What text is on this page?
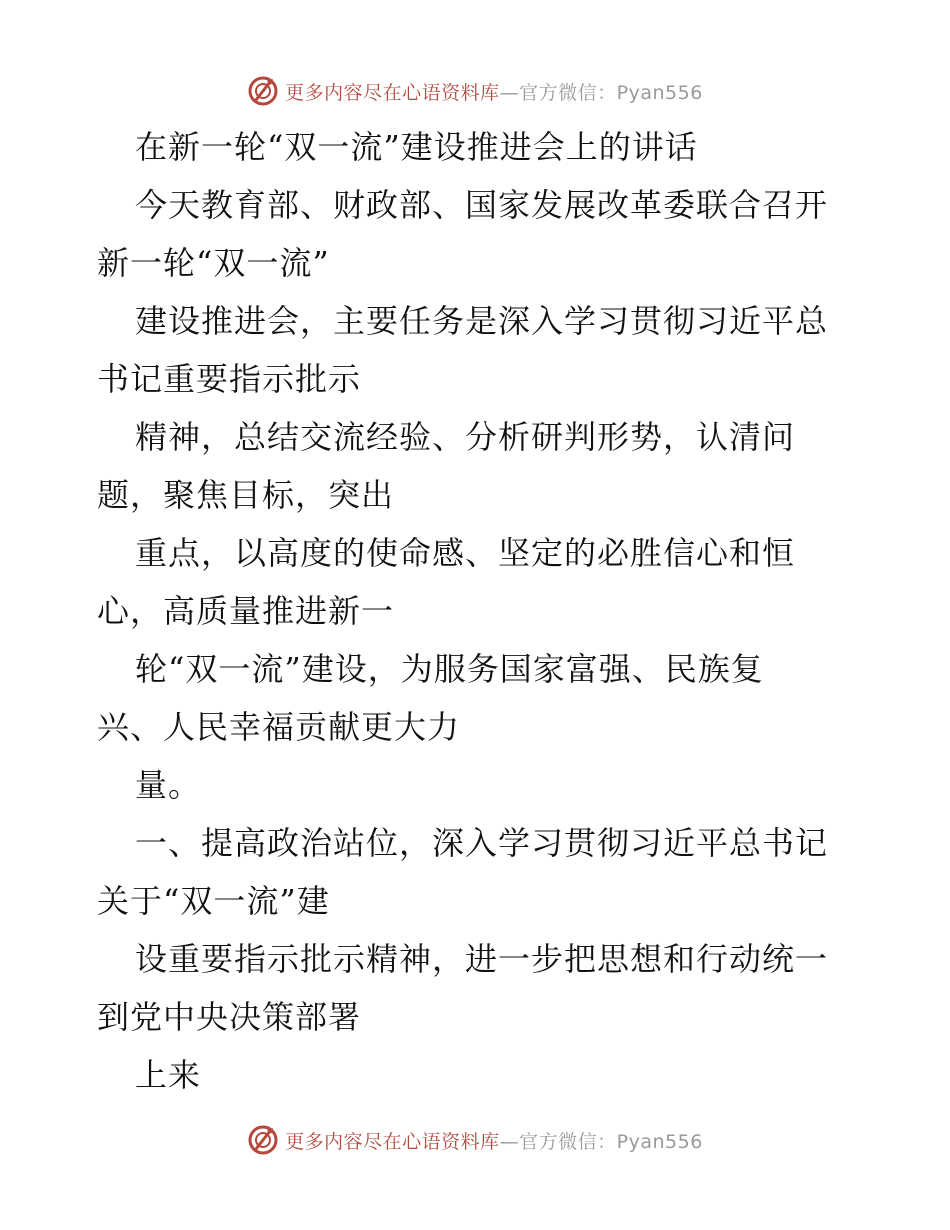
更多内容尽在心语资料库—官方微信：Pyan556
在新一轮“双一流”建设推进会上的讲话
今天教育部、财政部、国家发展改革委联合召开
新一轮“双一流”
建设推进会，主要任务是深入学习贯彻习近平总
书记重要指示批示
精神，总结交流经验、分析研判形势，认清问
题，聚焦目标，突出
重点，以高度的使命感、坚定的必胜信心和恒
心，高质量推进新一
轮“双一流”建设，为服务国家富强、民族复
兴、人民幸福贡献更大力
量。
一、提高政治站位，深入学习贯彻习近平总书记
关于“双一流”建
设重要指示批示精神，进一步把思想和行动统一
到党中央决策部署
上来
更多内容尽在心语资料库—官方微信：Pyan556
